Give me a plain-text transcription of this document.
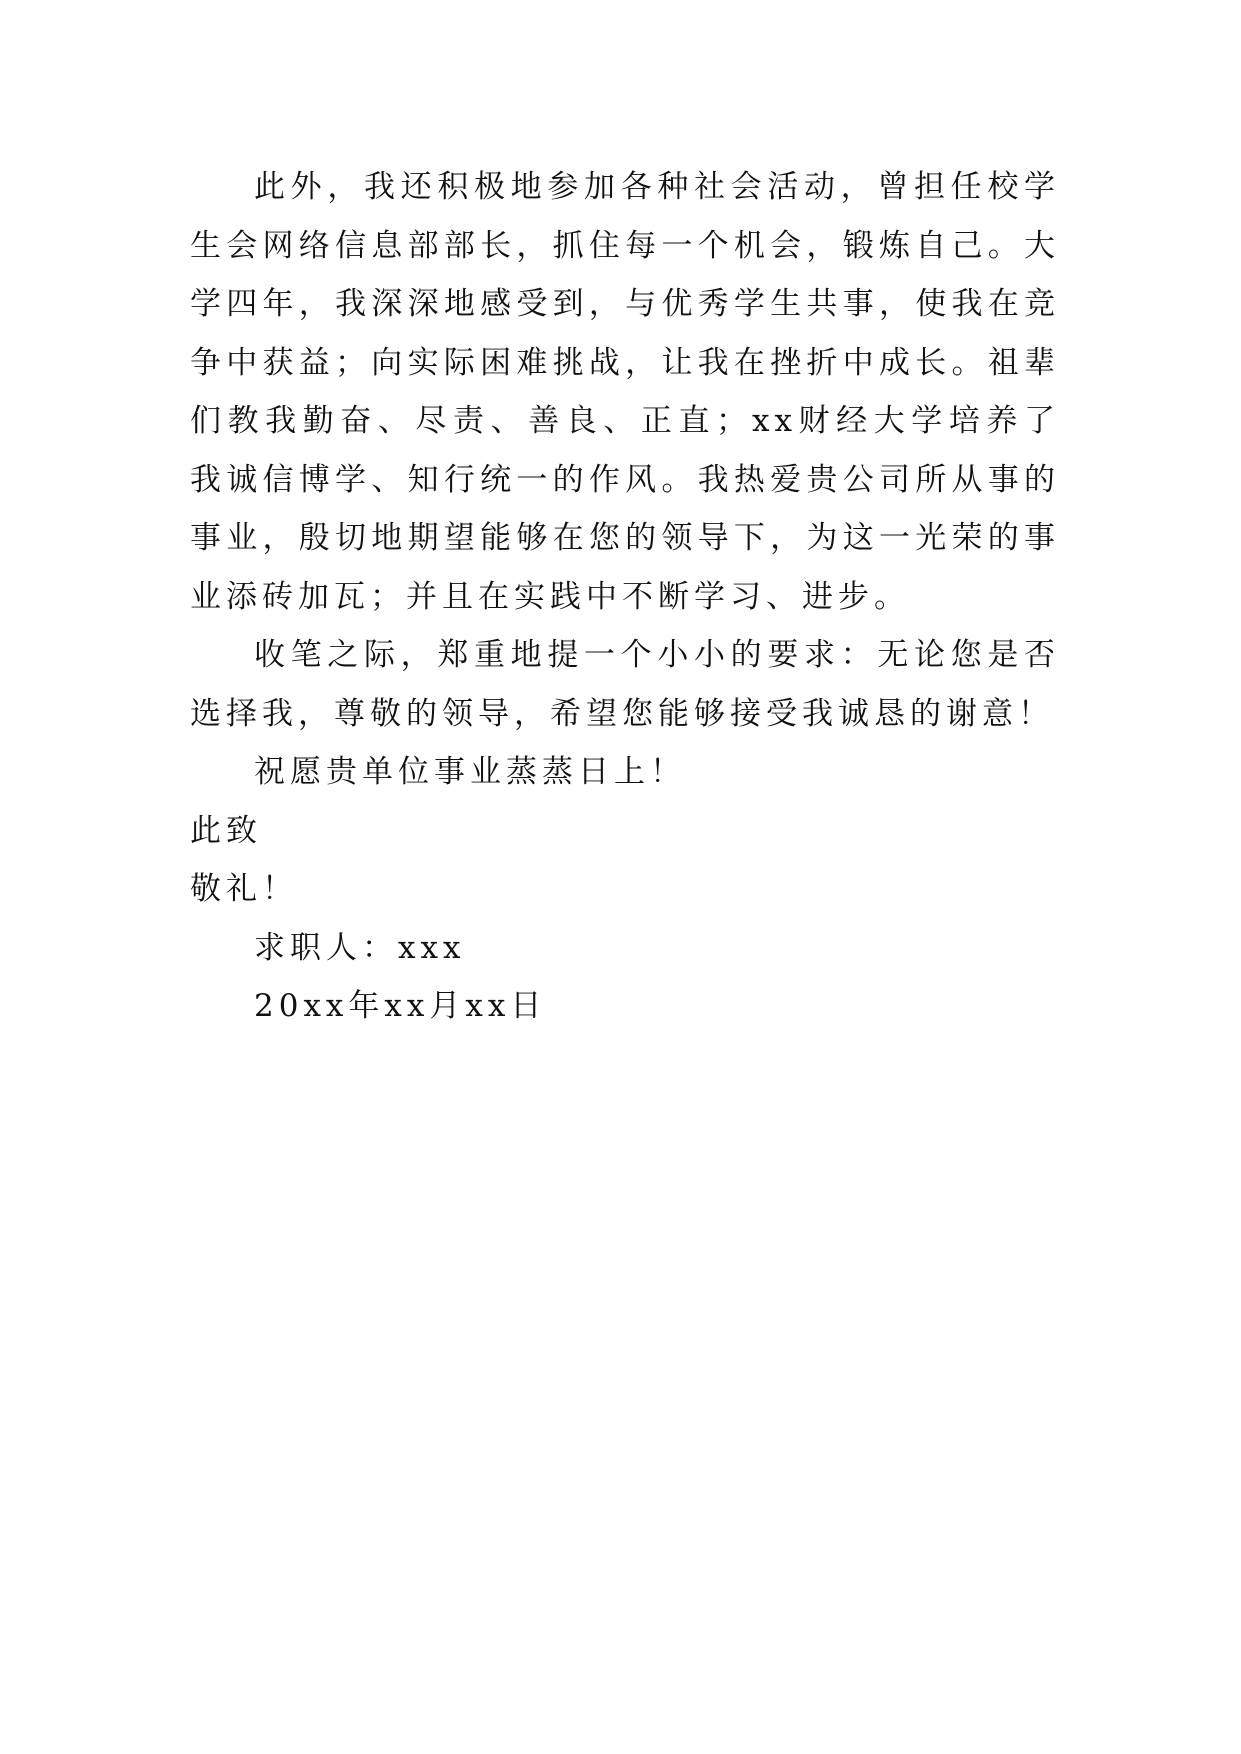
此外，我还积极地参加各种社会活动，曾担任校学生会网络信息部部长，抓住每一个机会，锻炼自己。大学四年，我深深地感受到，与优秀学生共事，使我在竞争中获益；向实际困难挑战，让我在挫折中成长。祖辈们教我勤奋、尽责、善良、正直；xx财经大学培养了我诚信博学、知行统一的作风。我热爱贵公司所从事的事业，殷切地期望能够在您的领导下，为这一光荣的事业添砖加瓦；并且在实践中不断学习、进步。

收笔之际，郑重地提一个小小的要求：无论您是否选择我，尊敬的领导，希望您能够接受我诚恳的谢意！

祝愿贵单位事业蒸蒸日上！

此致

敬礼！

求职人：xxx

20xx年xx月xx日
